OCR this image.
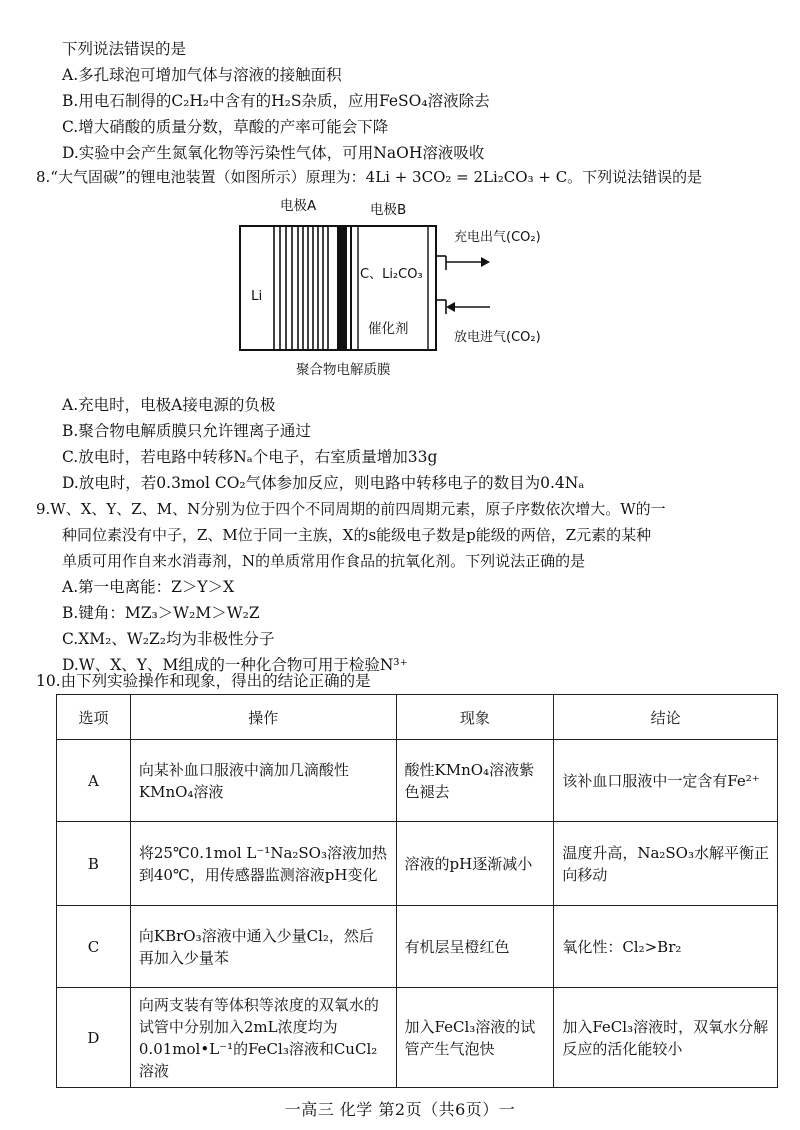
下列说法错误的是
A.多孔球泡可增加气体与溶液的接触面积
B.用电石制得的C₂H₂中含有的H₂S杂质，应用FeSO₄溶液除去
C.增大硝酸的质量分数，草酸的产率可能会下降
D.实验中会产生氮氧化物等污染性气体，可用NaOH溶液吸收
8.“大气固碳”的锂电池装置（如图所示）原理为：4Li + 3CO₂ = 2Li₂CO₃ + C。下列说法错误的是
电极A	电极B
Li
C、Li₂CO₃
催化剂
充电出气(CO₂)
放电进气(CO₂)
聚合物电解质膜
A.充电时，电极A接电源的负极
B.聚合物电解质膜只允许锂离子通过
C.放电时，若电路中转移Nₐ个电子，右室质量增加33g
D.放电时，若0.3mol CO₂气体参加反应，则电路中转移电子的数目为0.4Nₐ
9.W、X、Y、Z、M、N分别为位于四个不同周期的前四周期元素，原子序数依次增大。W的一
种同位素没有中子，Z、M位于同一主族，X的s能级电子数是p能级的两倍，Z元素的某种
单质可用作自来水消毒剂，N的单质常用作食品的抗氧化剂。下列说法正确的是
A.第一电离能：Z＞Y＞X
B.键角：MZ₃＞W₂M＞W₂Z
C.XM₂、W₂Z₂均为非极性分子
D.W、X、Y、M组成的一种化合物可用于检验N³⁺
10.由下列实验操作和现象，得出的结论正确的是
选项	操作	现象	结论
A	向某补血口服液中滴加几滴酸性KMnO₄溶液	酸性KMnO₄溶液紫色褪去	该补血口服液中一定含有Fe²⁺
B	将25℃0.1mol L⁻¹Na₂SO₃溶液加热到40℃，用传感器监测溶液pH变化	溶液的pH逐渐减小	温度升高，Na₂SO₃水解平衡正向移动
C	向KBrO₃溶液中通入少量Cl₂，然后再加入少量苯	有机层呈橙红色	氧化性：Cl₂>Br₂
D	向两支装有等体积等浓度的双氧水的试管中分别加入2mL浓度均为0.01mol•L⁻¹的FeCl₃溶液和CuCl₂溶液	加入FeCl₃溶液的试管产生气泡快	加入FeCl₃溶液时，双氧水分解反应的活化能较小
一高三 化学 第2页（共6页）一
